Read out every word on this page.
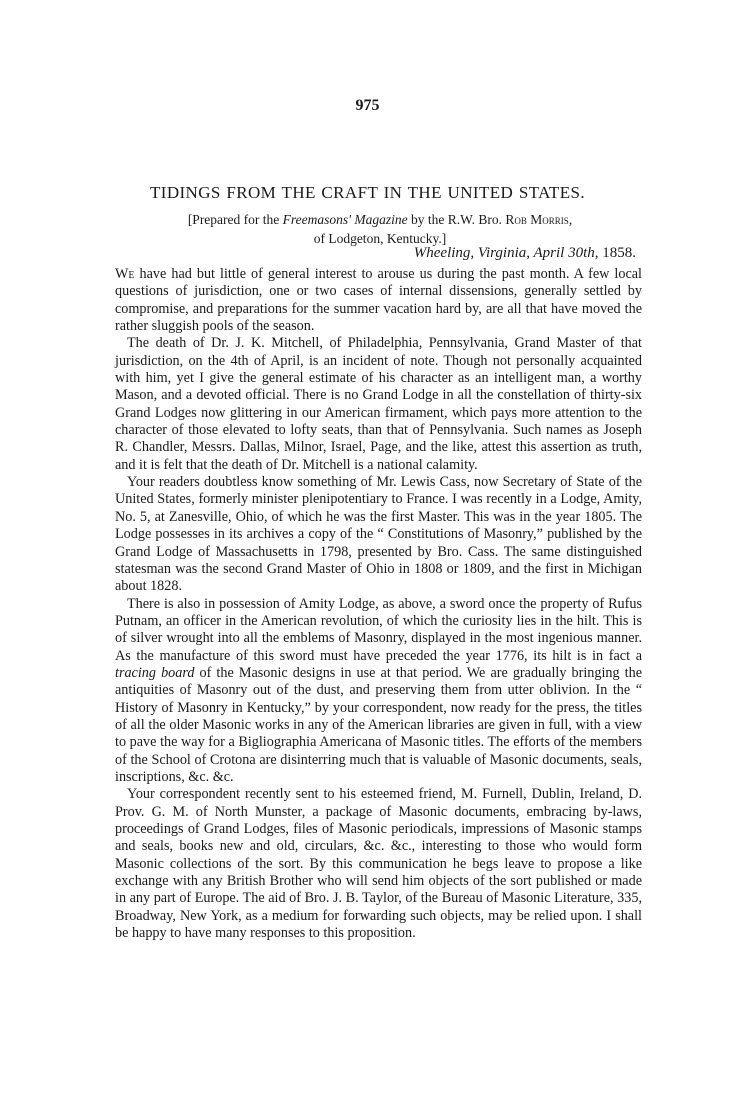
975
TIDINGS FROM THE CRAFT IN THE UNITED STATES.
[Prepared for the Freemasons' Magazine by the R.W. Bro. Rob Morris,
of Lodgeton, Kentucky.]
Wheeling, Virginia, April 30th, 1858.

We have had but little of general interest to arouse us during the past month. A few local questions of jurisdiction, one or two cases of internal dissensions, generally settled by compromise, and preparations for the summer vacation hard by, are all that have moved the rather sluggish pools of the season.

The death of Dr. J. K. Mitchell, of Philadelphia, Pennsylvania, Grand Master of that jurisdiction, on the 4th of April, is an incident of note. Though not personally acquainted with him, yet I give the general estimate of his character as an intelligent man, a worthy Mason, and a devoted official. There is no Grand Lodge in all the constellation of thirty-six Grand Lodges now glittering in our American firmament, which pays more attention to the character of those elevated to lofty seats, than that of Pennsylvania. Such names as Joseph R. Chandler, Messrs. Dallas, Milnor, Israel, Page, and the like, attest this assertion as truth, and it is felt that the death of Dr. Mitchell is a national calamity.

Your readers doubtless know something of Mr. Lewis Cass, now Secretary of State of the United States, formerly minister plenipotentiary to France. I was recently in a Lodge, Amity, No. 5, at Zanesville, Ohio, of which he was the first Master. This was in the year 1805. The Lodge possesses in its archives a copy of the “ Constitutions of Masonry,” published by the Grand Lodge of Massachusetts in 1798, presented by Bro. Cass. The same distinguished statesman was the second Grand Master of Ohio in 1808 or 1809, and the first in Michigan about 1828.

There is also in possession of Amity Lodge, as above, a sword once the property of Rufus Putnam, an officer in the American revolution, of which the curiosity lies in the hilt. This is of silver wrought into all the emblems of Masonry, displayed in the most ingenious manner. As the manufacture of this sword must have preceded the year 1776, its hilt is in fact a tracing board of the Masonic designs in use at that period. We are gradually bringing the antiquities of Masonry out of the dust, and preserving them from utter oblivion. In the “ History of Masonry in Kentucky,” by your correspondent, now ready for the press, the titles of all the older Masonic works in any of the American libraries are given in full, with a view to pave the way for a Bigliographia Americana of Masonic titles. The efforts of the members of the School of Crotona are disinterring much that is valuable of Masonic documents, seals, inscriptions, &c. &c.

Your correspondent recently sent to his esteemed friend, M. Furnell, Dublin, Ireland, D. Prov. G. M. of North Munster, a package of Masonic documents, embracing by-laws, proceedings of Grand Lodges, files of Masonic periodicals, impressions of Masonic stamps and seals, books new and old, circulars, &c. &c., interesting to those who would form Masonic collections of the sort. By this communication he begs leave to propose a like exchange with any British Brother who will send him objects of the sort published or made in any part of Europe. The aid of Bro. J. B. Taylor, of the Bureau of Masonic Literature, 335, Broadway, New York, as a medium for forwarding such objects, may be relied upon. I shall be happy to have many responses to this proposition.
